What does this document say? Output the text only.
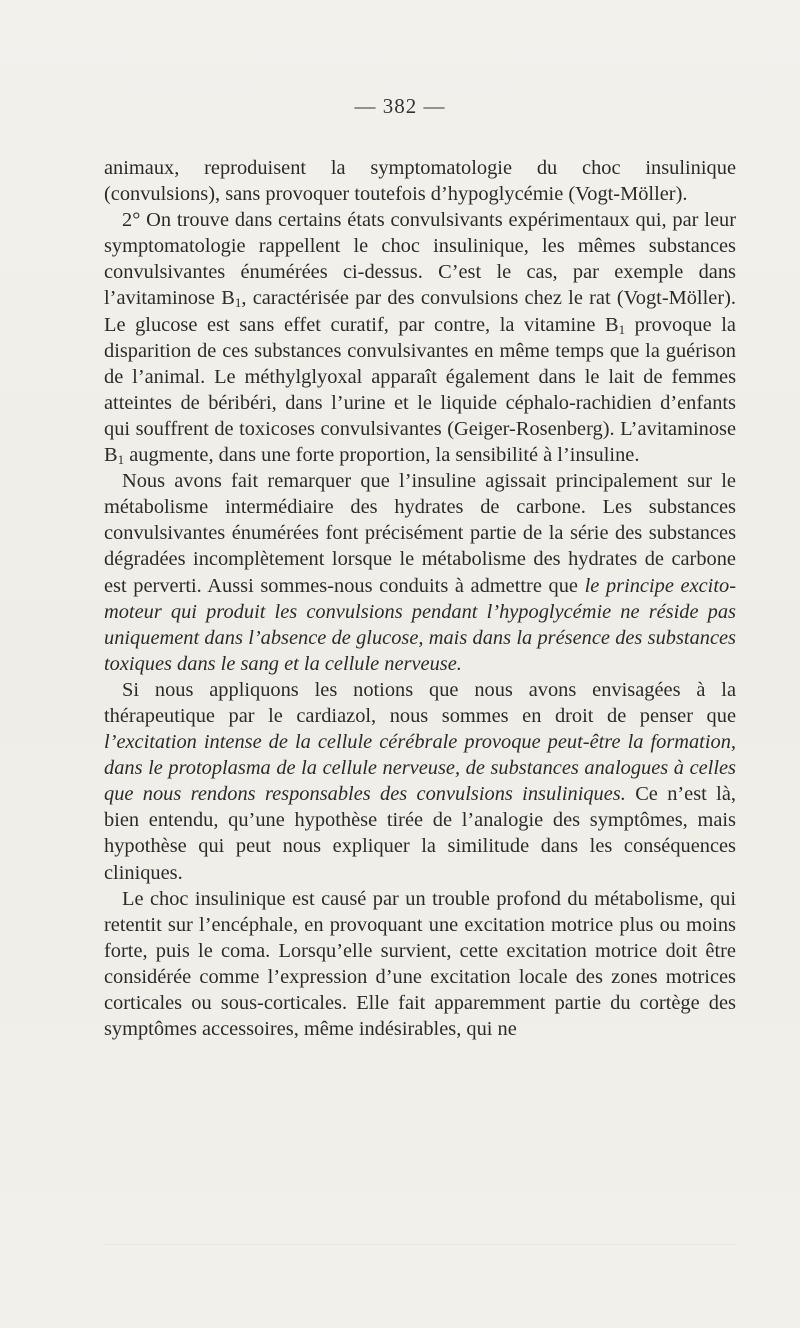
— 382 —

animaux, reproduisent la symptomatologie du choc insulinique (convulsions), sans provoquer toutefois d’hypoglycémie (Vogt-Möller).

2° On trouve dans certains états convulsivants expérimentaux qui, par leur symptomatologie rappellent le choc insulinique, les mêmes substances convulsivantes énumérées ci-dessus. C’est le cas, par exemple dans l’avitaminose $B_1$, caractérisée par des convulsions chez le rat (Vogt-Möller). Le glucose est sans effet curatif, par contre, la vitamine $B_1$ provoque la disparition de ces substances convulsivantes en même temps que la guérison de l’animal. Le méthylglyoxal apparaît également dans le lait de femmes atteintes de béribéri, dans l’urine et le liquide céphalo-rachidien d’enfants qui souffrent de toxicoses convulsivantes (Geiger-Rosenberg). L’avitaminose $B_1$ augmente, dans une forte proportion, la sensibilité à l’insuline.

Nous avons fait remarquer que l’insuline agissait principalement sur le métabolisme intermédiaire des hydrates de carbone. Les substances convulsivantes énumérées font précisément partie de la série des substances dégradées incomplètement lorsque le métabolisme des hydrates de carbone est perverti. Aussi sommes-nous conduits à admettre que le principe excito-moteur qui produit les convulsions pendant l’hypoglycémie ne réside pas uniquement dans l’absence de glucose, mais dans la présence des substances toxiques dans le sang et la cellule nerveuse.

Si nous appliquons les notions que nous avons envisagées à la thérapeutique par le cardiazol, nous sommes en droit de penser que l’excitation intense de la cellule cérébrale provoque peut-être la formation, dans le protoplasma de la cellule nerveuse, de substances analogues à celles que nous rendons responsables des convulsions insuliniques. Ce n’est là, bien entendu, qu’une hypothèse tirée de l’analogie des symptômes, mais hypothèse qui peut nous expliquer la similitude dans les conséquences cliniques.

Le choc insulinique est causé par un trouble profond du métabolisme, qui retentit sur l’encéphale, en provoquant une excitation motrice plus ou moins forte, puis le coma. Lorsqu’elle survient, cette excitation motrice doit être considérée comme l’expression d’une excitation locale des zones motrices corticales ou sous-corticales. Elle fait apparemment partie du cortège des symptômes accessoires, même indésirables, qui ne
